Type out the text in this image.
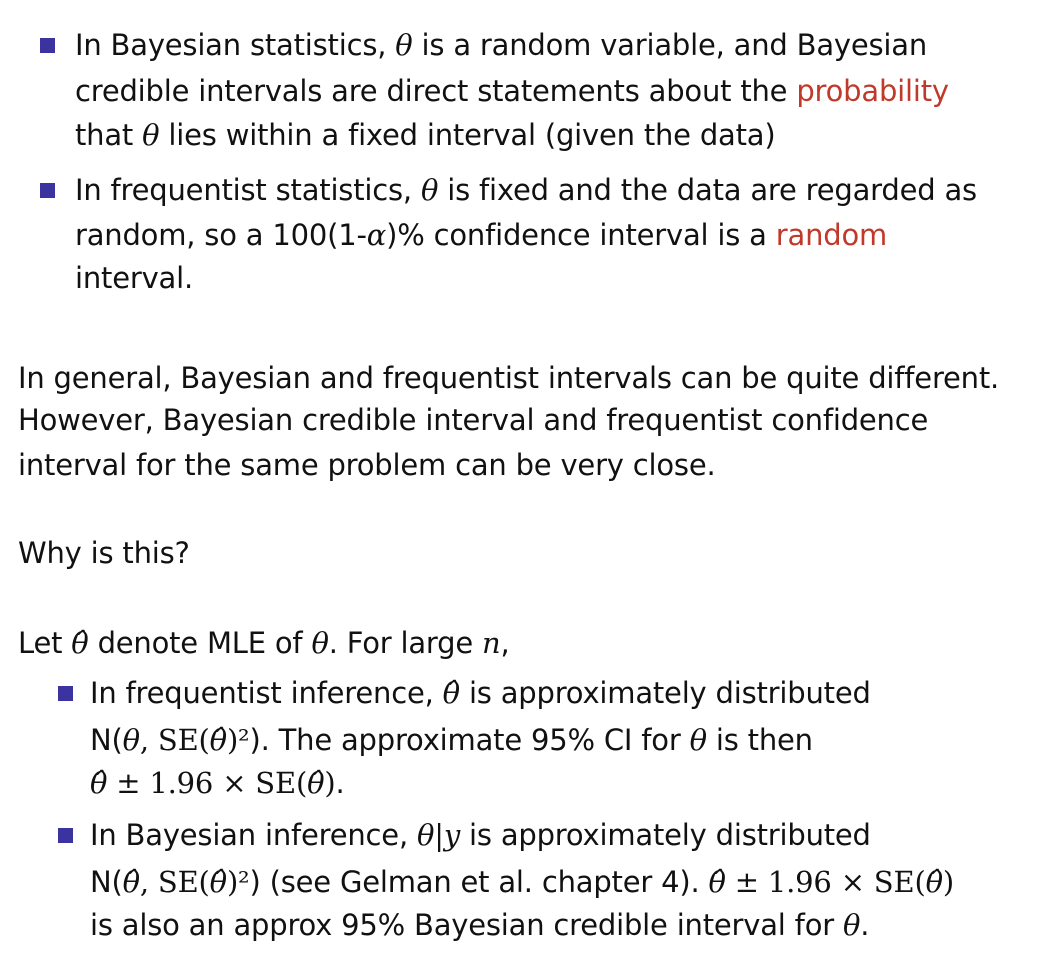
In Bayesian statistics, θ is a random variable, and Bayesian
credible intervals are direct statements about the probability
that θ lies within a fixed interval (given the data)
In frequentist statistics, θ is fixed and the data are regarded as
random, so a 100(1-α)% confidence interval is a random
interval.
In general, Bayesian and frequentist intervals can be quite different.
However, Bayesian credible interval and frequentist confidence
interval for the same problem can be very close.
Why is this?
Let θ̂ denote MLE of θ. For large n,
In frequentist inference, θ̂ is approximately distributed
N(θ, SE(θ̂)²). The approximate 95% CI for θ is then
θ̂ ± 1.96 × SE(θ̂).
In Bayesian inference, θ|y is approximately distributed
N(θ̂, SE(θ̂)²) (see Gelman et al. chapter 4). θ̂ ± 1.96 × SE(θ̂)
is also an approx 95% Bayesian credible interval for θ.
